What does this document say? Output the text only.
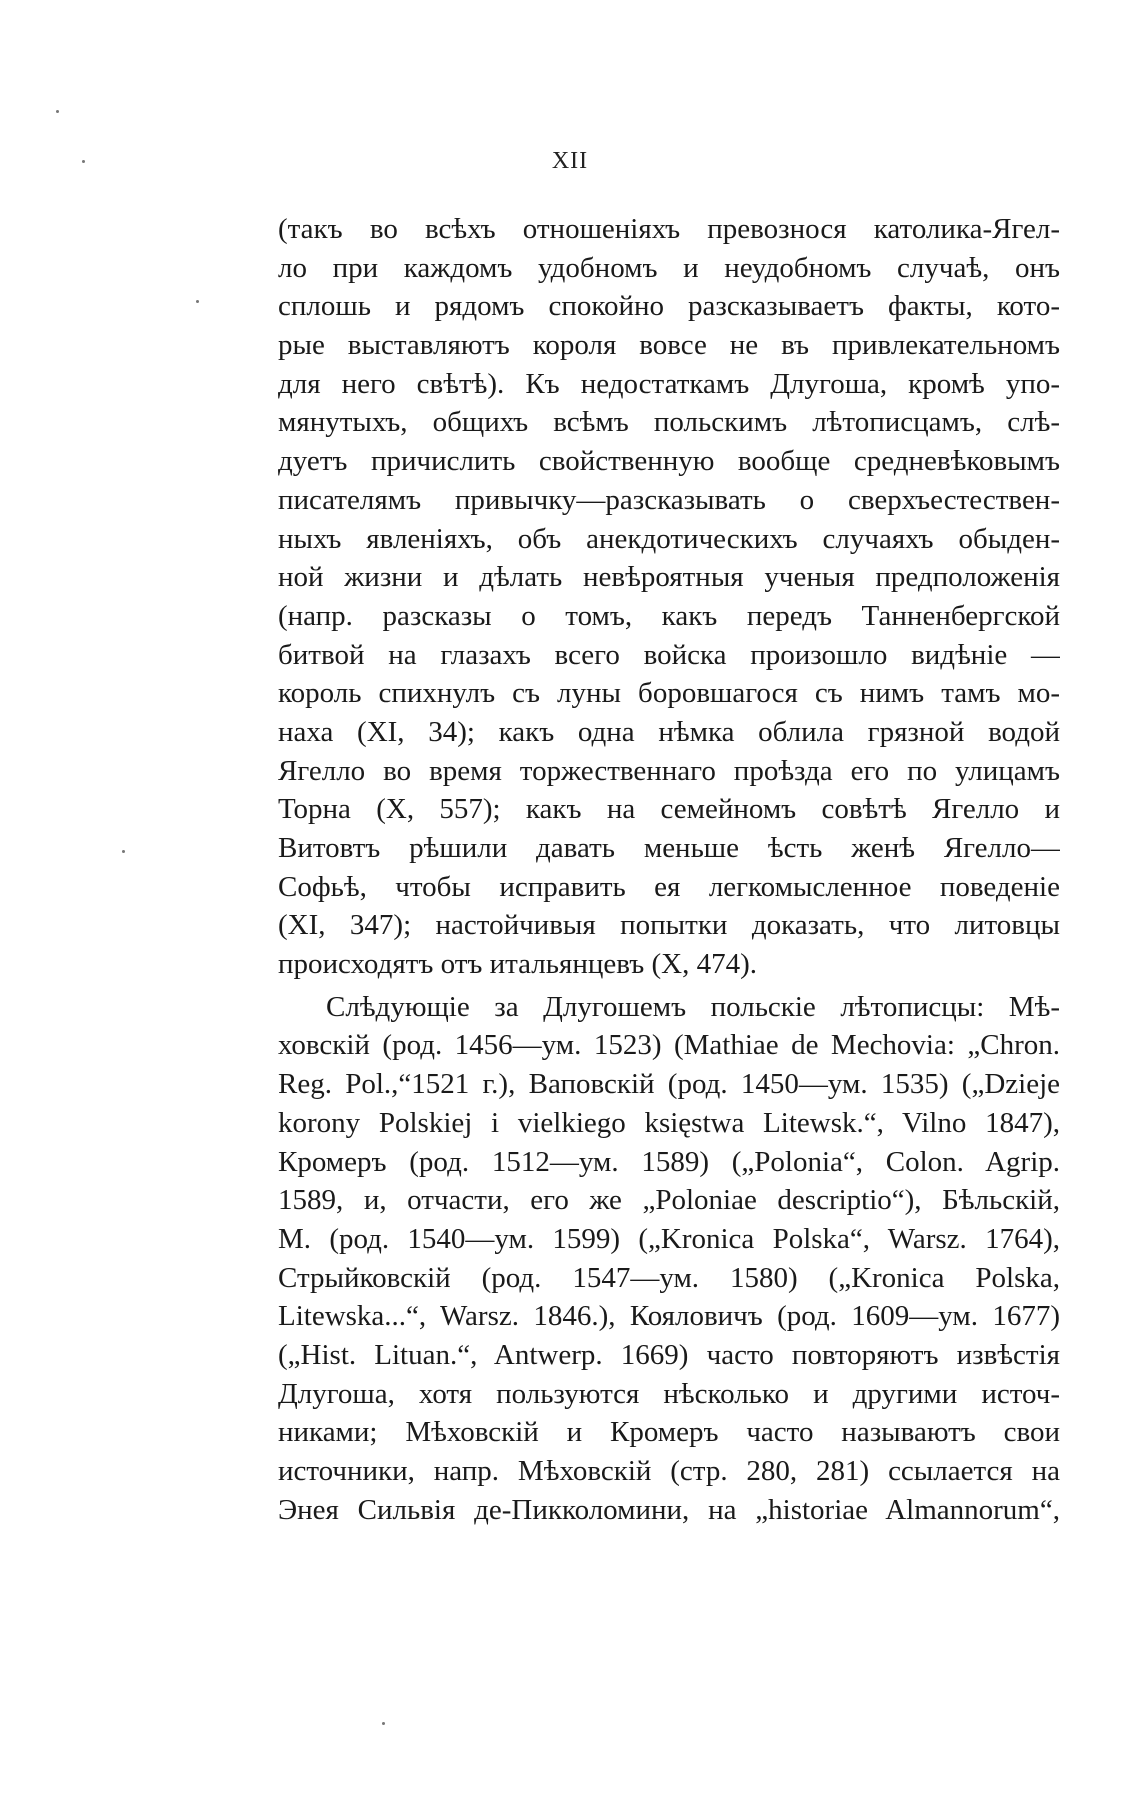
XII
(такъ во всѣхъ отношеніяхъ превознося католика-Ягел-
ло при каждомъ удобномъ и неудобномъ случаѣ, онъ
сплошь и рядомъ спокойно разсказываетъ факты, кото-
рые выставляютъ короля вовсе не въ привлекательномъ
для него свѣтѣ). Къ недостаткамъ Длугоша, кромѣ упо-
мянутыхъ, общихъ всѣмъ польскимъ лѣтописцамъ, слѣ-
дуетъ причислить свойственную вообще средневѣковымъ
писателямъ привычку—разсказывать о сверхъестествен-
ныхъ явленіяхъ, объ анекдотическихъ случаяхъ обыден-
ной жизни и дѣлать невѣроятныя ученыя предположенія
(напр. разсказы о томъ, какъ передъ Танненбергской
битвой на глазахъ всего войска произошло видѣніе —
король спихнулъ съ луны боровшагося съ нимъ тамъ мо-
наха (XI, 34); какъ одна нѣмка облила грязной водой
Ягелло во время торжественнаго проѣзда его по улицамъ
Торна (X, 557); какъ на семейномъ совѣтѣ Ягелло и
Витовтъ рѣшили давать меньше ѣсть женѣ Ягелло—
Софьѣ, чтобы исправить ея легкомысленное поведеніе
(XI, 347); настойчивыя попытки доказать, что литовцы
происходятъ отъ итальянцевъ (X, 474).
Слѣдующіе за Длугошемъ польскіе лѣтописцы: Мѣ-
ховскій (род. 1456—ум. 1523) (Mathiae de Mechovia: „Chron.
Reg. Pol.,“1521 г.), Ваповскій (род. 1450—ум. 1535) („Dzieje
korony Polskiej i vielkiego księstwa Litewsk.“, Vilno 1847),
Кромеръ (род. 1512—ум. 1589) („Polonia“, Colon. Agrip.
1589, и, отчасти, его же „Poloniae descriptio“), Бѣльскій,
М. (род. 1540—ум. 1599) („Kronica Polska“, Warsz. 1764),
Стрыйковскій (род. 1547—ум. 1580) („Kronica Polska,
Litewska...“, Warsz. 1846.), Кояловичъ (род. 1609—ум. 1677)
(„Hist. Lituan.“, Antwerp. 1669) часто повторяютъ извѣстія
Длугоша, хотя пользуются нѣсколько и другими источ-
никами; Мѣховскій и Кромеръ часто называютъ свои
источники, напр. Мѣховскій (стр. 280, 281) ссылается на
Энея Сильвія де-Пикколомини, на „historiae Almannorum“,
